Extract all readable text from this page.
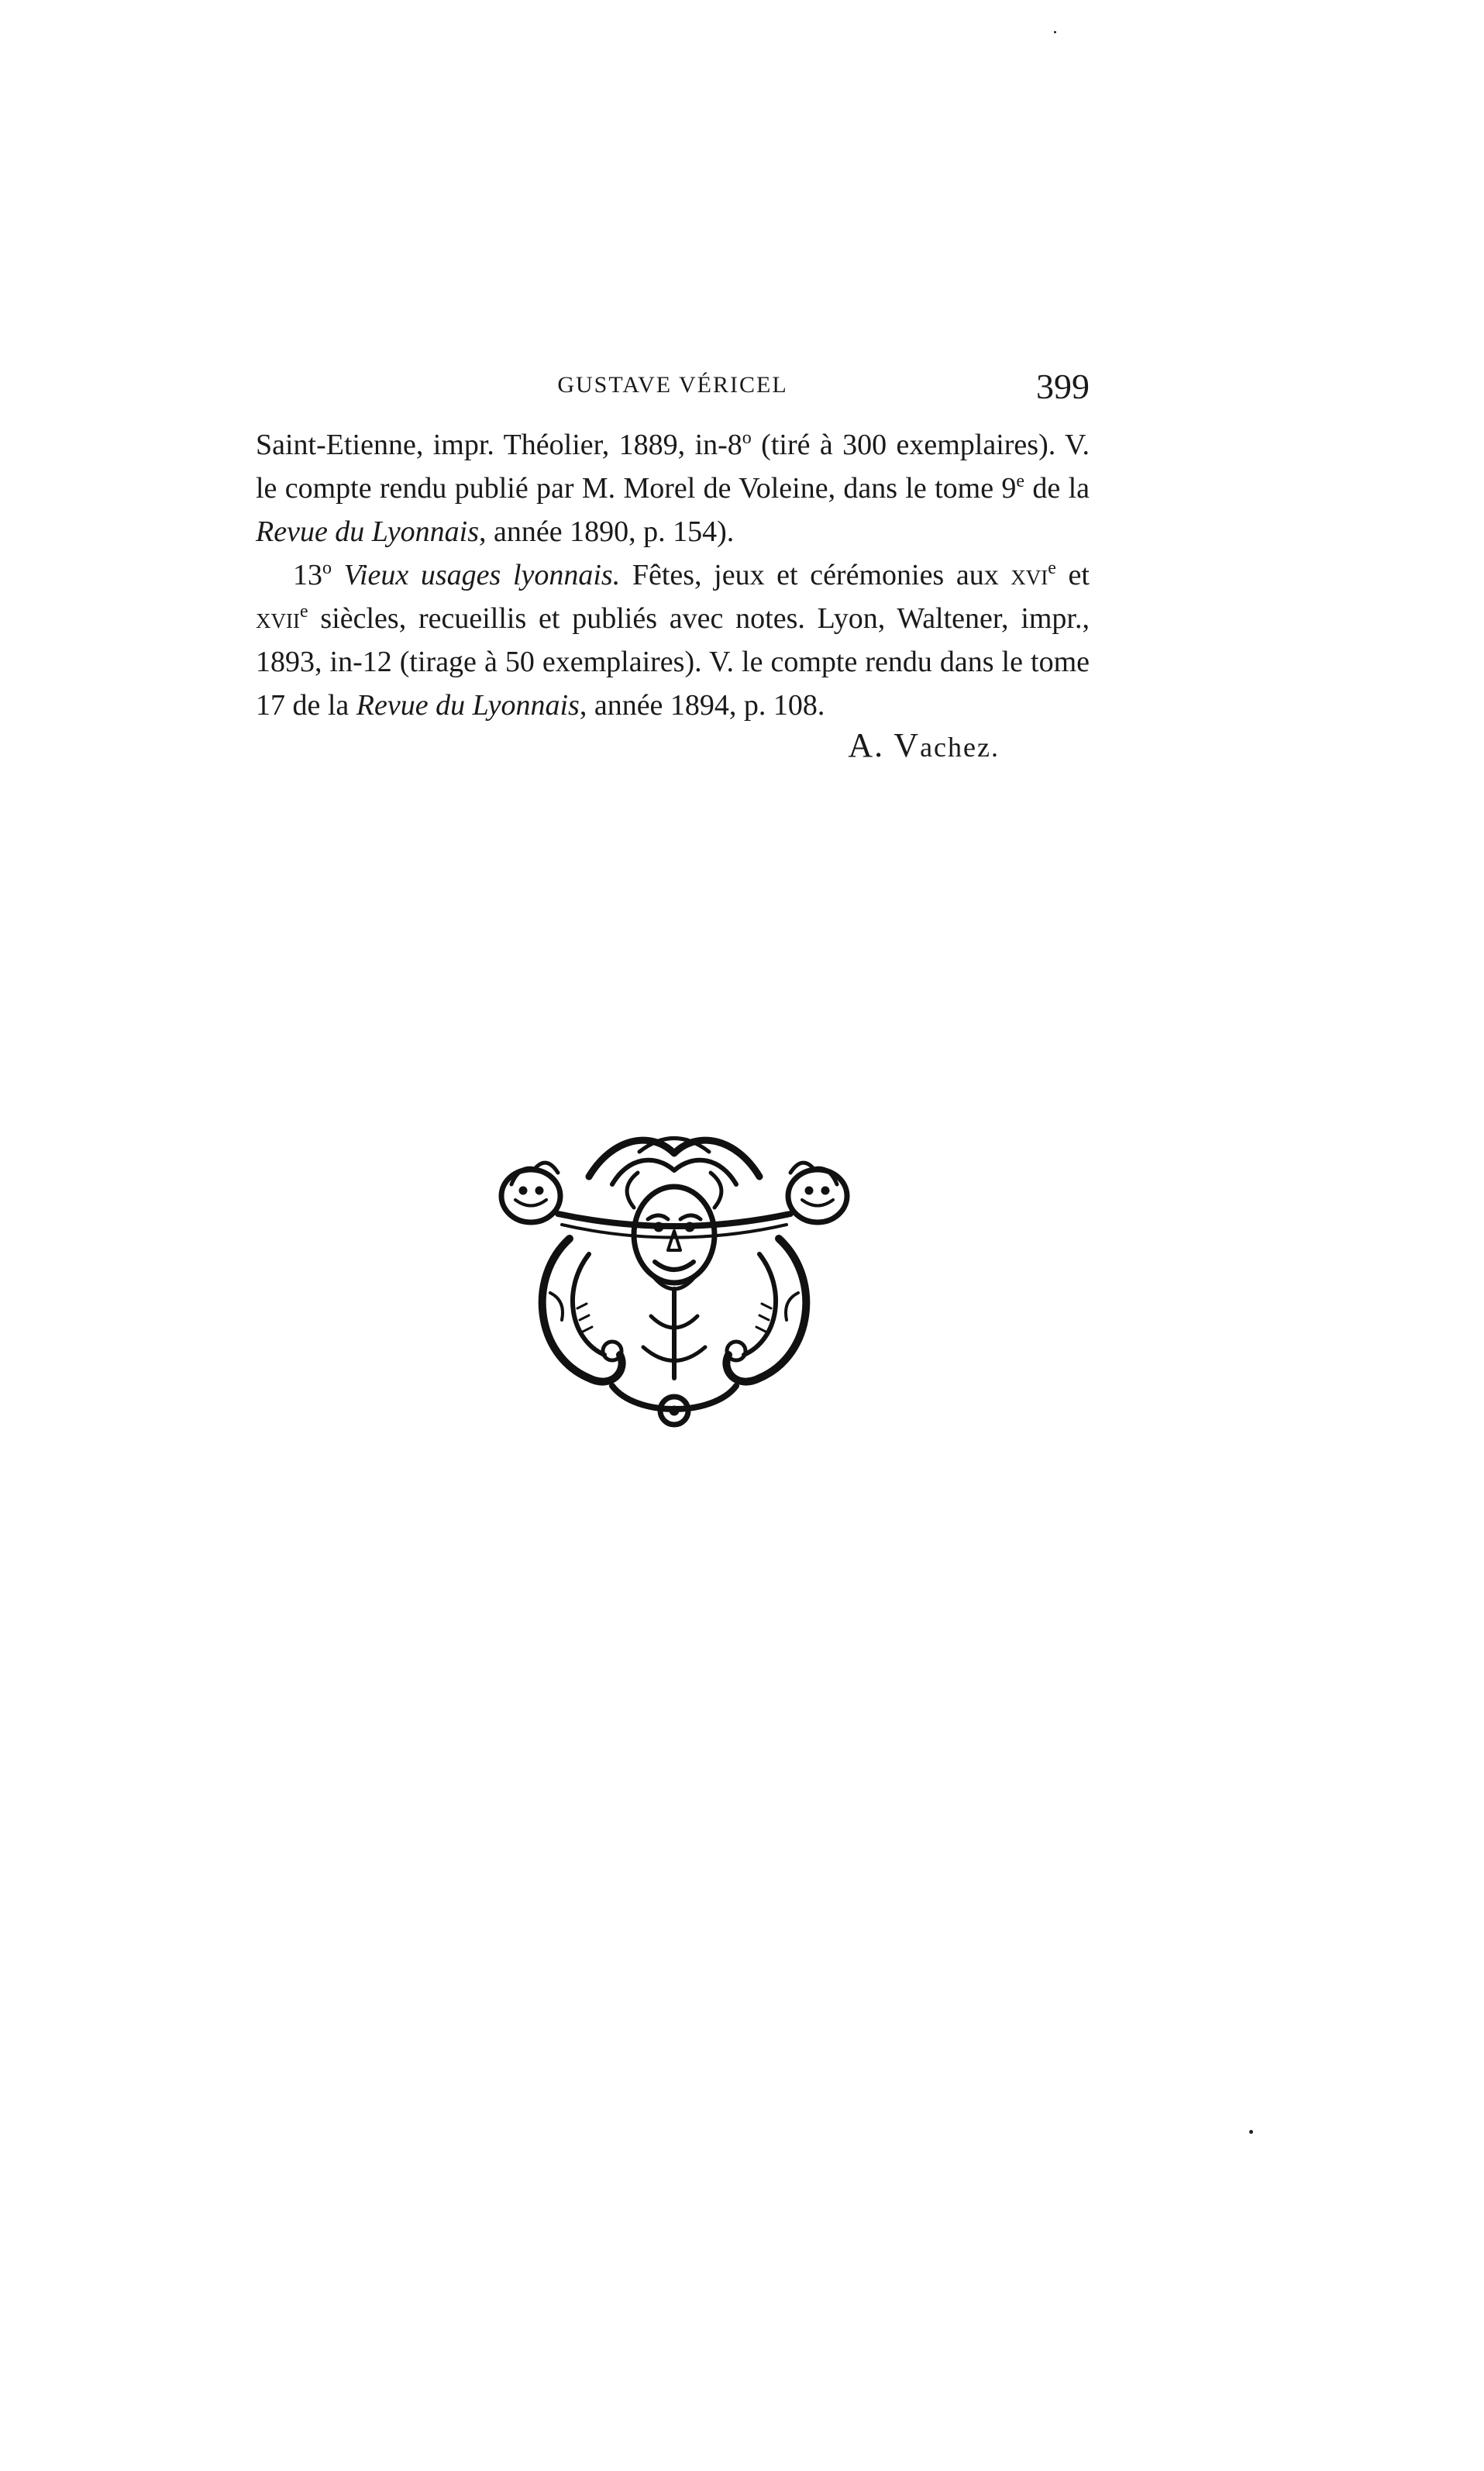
GUSTAVE VÉRICEL	399

Saint-Etienne, impr. Théolier, 1889, in-8$^o$ (tiré à 300 exemplaires). V. le compte rendu publié par M. Morel de Voleine, dans le tome 9e de la Revue du Lyonnais, année 1890, p. 154).

13$^o$ Vieux usages lyonnais. Fêtes, jeux et cérémonies aux xvi$^e$ et xvii$^e$ siècles, recueillis et publiés avec notes. Lyon, Waltener, impr., 1893, in-12 (tirage à 50 exemplaires). V. le compte rendu dans le tome 17 de la Revue du Lyonnais, année 1894, p. 108.

A. Vachez.
